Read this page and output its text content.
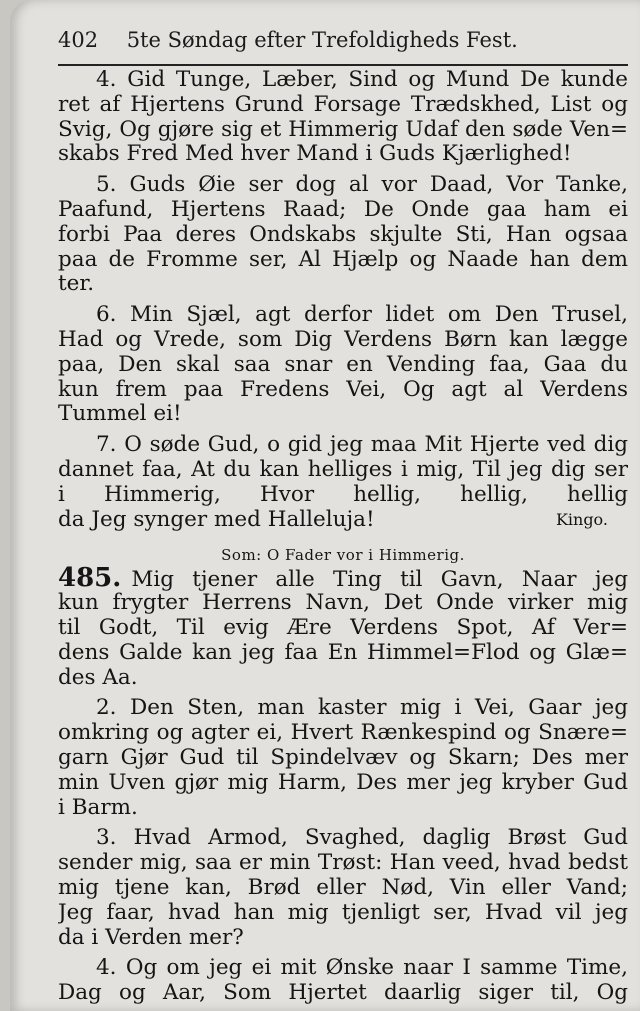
402 5te Søndag efter Trefoldigheds Fest.
4. Gid Tunge, Læber, Sind og Mund De kunde
ret af Hjertens Grund Forsage Trædskhed, List og
Svig, Og gjøre sig et Himmerig Udaf den søde Ven=
skabs Fred Med hver Mand i Guds Kjærlighed!
5. Guds Øie ser dog al vor Daad, Vor Tanke,
Paafund, Hjertens Raad; De Onde gaa ham ei
forbi Paa deres Ondskabs skjulte Sti, Han ogsaa
paa de Fromme ser, Al Hjælp og Naade han dem
ter.
6. Min Sjæl, agt derfor lidet om Den Trusel,
Had og Vrede, som Dig Verdens Børn kan lægge
paa, Den skal saa snar en Vending faa, Gaa du
kun frem paa Fredens Vei, Og agt al Verdens
Tummel ei!
7. O søde Gud, o gid jeg maa Mit Hjerte ved dig
dannet faa, At du kan helliges i mig, Til jeg dig ser
i Himmerig, Hvor hellig, hellig, hellig
Kingo.
da Jeg synger med Halleluja!
Som: O Fader vor i Himmerig.
485. Mig tjener alle Ting til Gavn, Naar jeg
kun frygter Herrens Navn, Det Onde virker mig
til Godt, Til evig Ære Verdens Spot, Af Ver=
dens Galde kan jeg faa En Himmel=Flod og Glæ=
des Aa.
2. Den Sten, man kaster mig i Vei, Gaar jeg
omkring og agter ei, Hvert Rænkespind og Snære=
garn Gjør Gud til Spindelvæv og Skarn; Des mer
min Uven gjør mig Harm, Des mer jeg kryber Gud
i Barm.
3. Hvad Armod, Svaghed, daglig Brøst Gud
sender mig, saa er min Trøst: Han veed, hvad bedst
mig tjene kan, Brød eller Nød, Vin eller Vand;
Jeg faar, hvad han mig tjenligt ser, Hvad vil jeg
da i Verden mer?
4. Og om jeg ei mit Ønske naar I samme Time,
Dag og Aar, Som Hjertet daarlig siger til, Og
